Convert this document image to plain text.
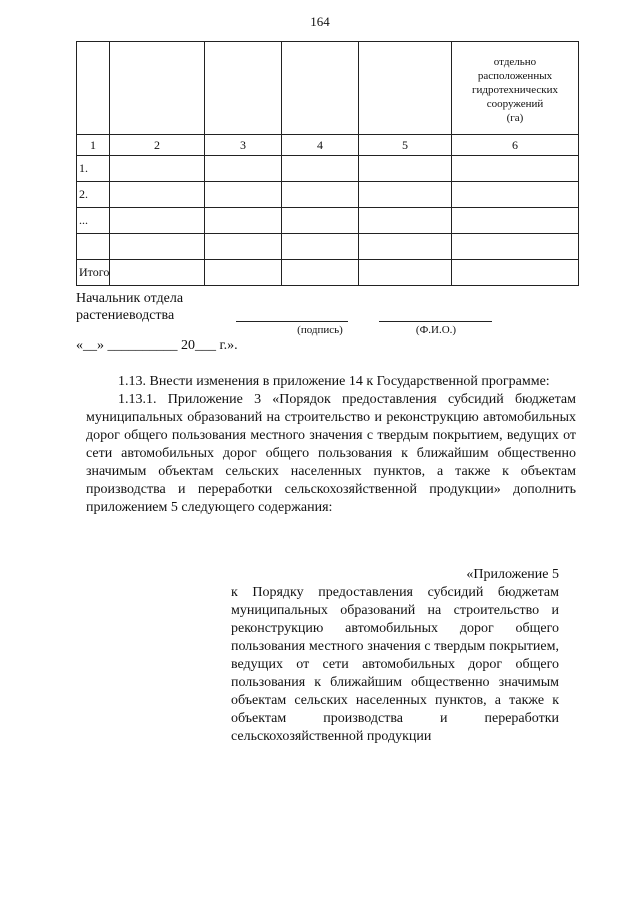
164

					отдельно
расположенных
гидротехнических
сооружений
(га)

1	2	3	4	5	6
1.					
2.					
...					

Итого					
Начальник отдела
растениеводства
(подпись)	(Ф.И.О.)
«__» __________ 20___ г.».

1.13. Внести изменения в приложение 14 к Государственной программе:

1.13.1. Приложение 3 «Порядок предоставления субсидий бюджетам муниципальных образований на строительство и реконструкцию автомобильных дорог общего пользования местного значения с твердым покрытием, ведущих от сети автомобильных дорог общего пользования к ближайшим общественно значимым объектам сельских населенных пунктов, а также к объектам производства и переработки сельскохозяйственной продукции» дополнить приложением 5 следующего содержания:

«Приложение 5

к Порядку предоставления субсидий бюджетам муниципальных образований на строительство и реконструкцию автомобильных дорог общего пользования местного значения с твердым покрытием, ведущих от сети автомобильных дорог общего пользования к ближайшим общественно значимым объектам сельских населенных пунктов, а также к объектам производства и переработки сельскохозяйственной продукции
